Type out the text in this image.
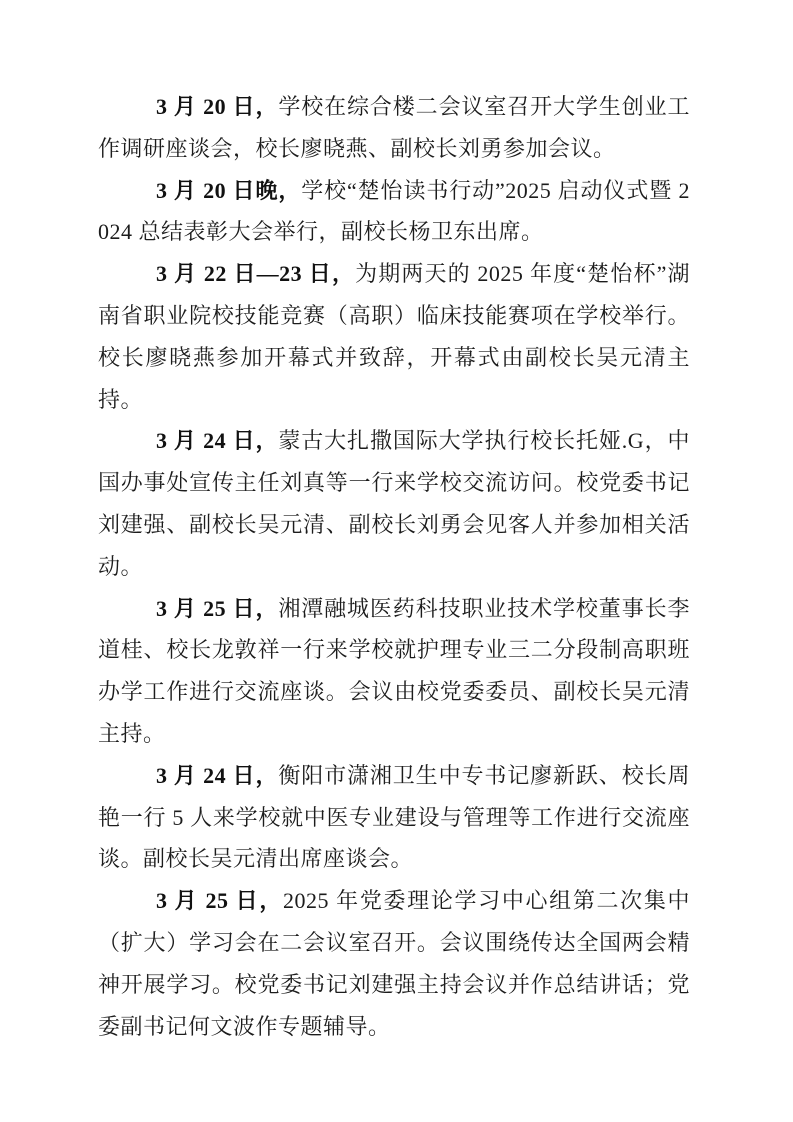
3 月 20 日，学校在综合楼二会议室召开大学生创业工作调研座谈会，校长廖晓燕、副校长刘勇参加会议。

3 月 20 日晚，学校“楚怡读书行动”2025 启动仪式暨 2024 总结表彰大会举行，副校长杨卫东出席。

3 月 22 日—23 日，为期两天的 2025 年度“楚怡杯”湖南省职业院校技能竞赛（高职）临床技能赛项在学校举行。校长廖晓燕参加开幕式并致辞，开幕式由副校长吴元清主持。

3 月 24 日，蒙古大扎撒国际大学执行校长托娅.G，中国办事处宣传主任刘真等一行来学校交流访问。校党委书记刘建强、副校长吴元清、副校长刘勇会见客人并参加相关活动。

3 月 25 日，湘潭融城医药科技职业技术学校董事长李道桂、校长龙敦祥一行来学校就护理专业三二分段制高职班办学工作进行交流座谈。会议由校党委委员、副校长吴元清主持。

3 月 24 日，衡阳市潇湘卫生中专书记廖新跃、校长周艳一行 5 人来学校就中医专业建设与管理等工作进行交流座谈。副校长吴元清出席座谈会。

3 月 25 日，2025 年党委理论学习中心组第二次集中（扩大）学习会在二会议室召开。会议围绕传达全国两会精神开展学习。校党委书记刘建强主持会议并作总结讲话；党委副书记何文波作专题辅导。
